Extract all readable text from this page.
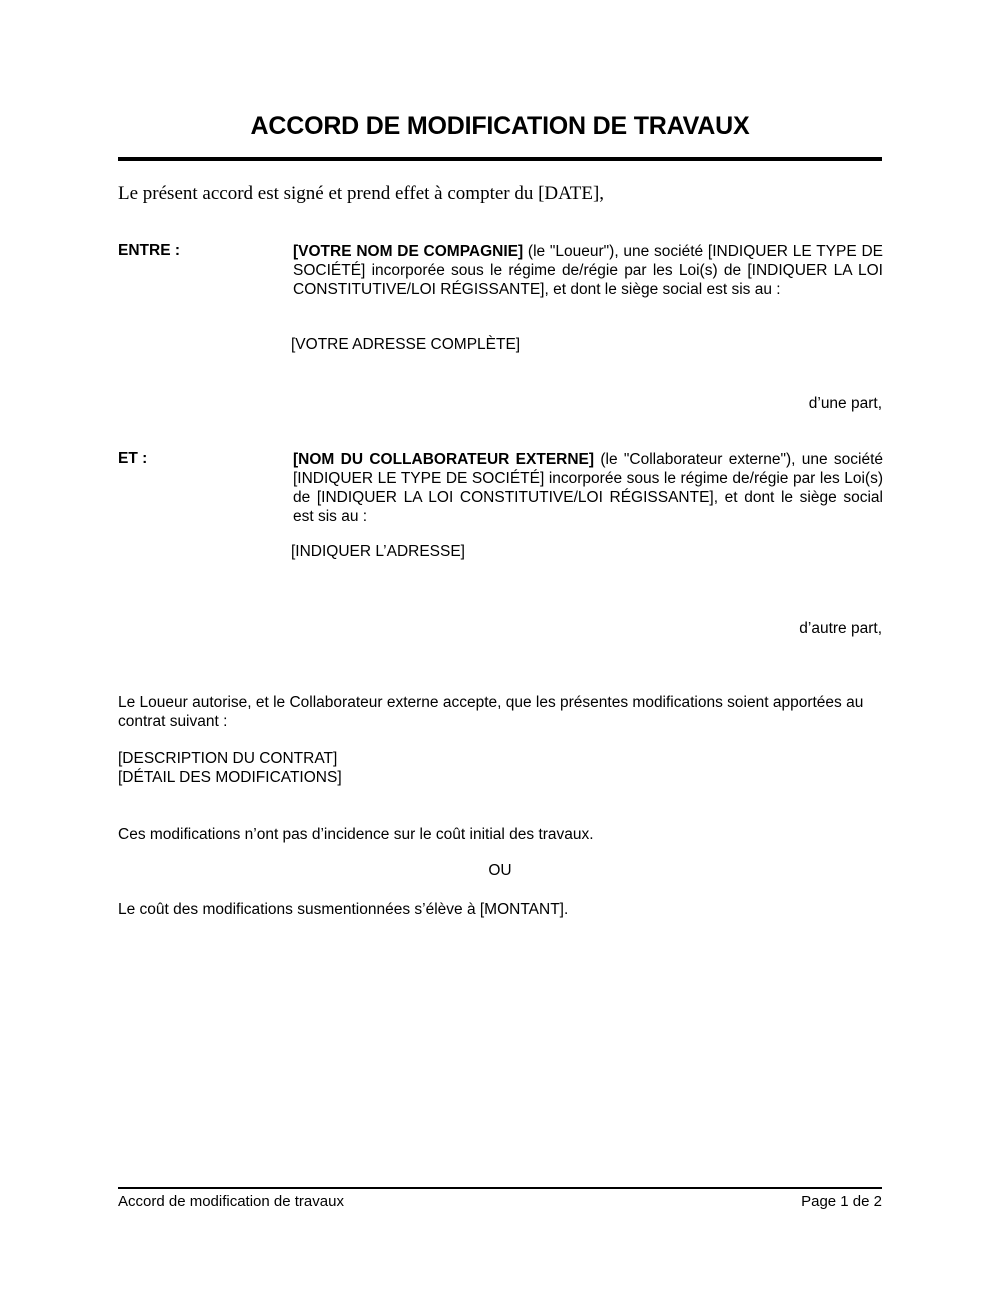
ACCORD DE MODIFICATION DE TRAVAUX
Le présent accord est signé et prend effet à compter du [DATE],
ENTRE :	[VOTRE NOM DE COMPAGNIE] (le "Loueur"), une société [INDIQUER LE TYPE DE SOCIÉTÉ] incorporée sous le régime de/régie par les Loi(s) de [INDIQUER LA LOI CONSTITUTIVE/LOI RÉGISSANTE], et dont le siège social est sis au :
[VOTRE ADRESSE COMPLÈTE]
d’une part,
ET :	[NOM DU COLLABORATEUR EXTERNE] (le "Collaborateur externe"), une société [INDIQUER LE TYPE DE SOCIÉTÉ] incorporée sous le régime de/régie par les Loi(s) de [INDIQUER LA LOI CONSTITUTIVE/LOI RÉGISSANTE], et dont le siège social est sis au :
[INDIQUER L’ADRESSE]
d’autre part,
Le Loueur autorise, et le Collaborateur externe accepte, que les présentes modifications soient apportées au contrat suivant :
[DESCRIPTION DU CONTRAT]
[DÉTAIL DES MODIFICATIONS]
Ces modifications n’ont pas d’incidence sur le coût initial des travaux.
OU
Le coût des modifications susmentionnées s’élève à [MONTANT].
Accord de modification de travaux	Page 1 de 2
